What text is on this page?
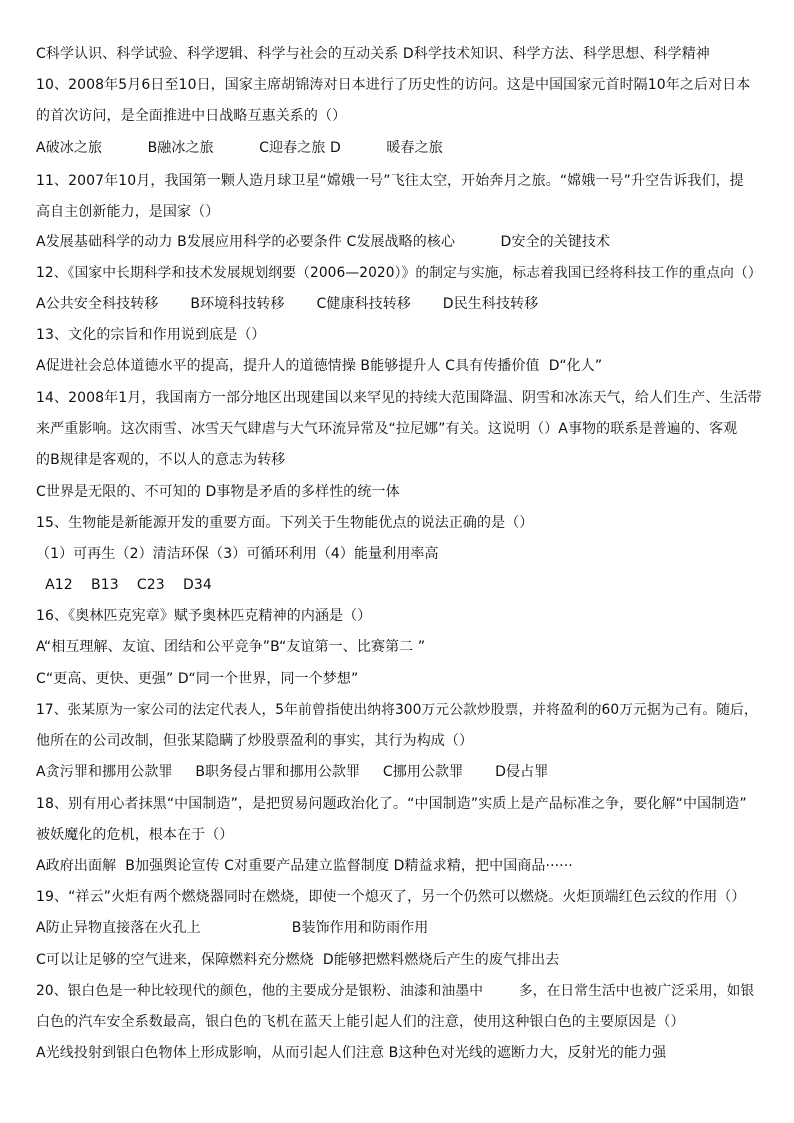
C科学认识、科学试验、科学逻辑、科学与社会的互动关系 D科学技术知识、科学方法、科学思想、科学精神
10、2008年5月6日至10日，国家主席胡锦涛对日本进行了历史性的访问。这是中国国家元首时隔10年之后对日本
的首次访问，是全面推进中日战略互惠关系的（）
A破冰之旅          B融冰之旅          C迎春之旅 D          暖春之旅
11、2007年10月，我国第一颗人造月球卫星“嫦娥一号”飞往太空，开始奔月之旅。“嫦娥一号”升空告诉我们，提
高自主创新能力，是国家（）
A发展基础科学的动力 B发展应用科学的必要条件 C发展战略的核心          D安全的关键技术
12、《国家中长期科学和技术发展规划纲要（2006—2020）》的制定与实施，标志着我国已经将科技工作的重点向（）
A公共安全科技转移       B环境科技转移       C健康科技转移       D民生科技转移
13、文化的宗旨和作用说到底是（）
A促进社会总体道德水平的提高，提升人的道德情操 B能够提升人 C具有传播价值  D“化人”
14、2008年1月，我国南方一部分地区出现建国以来罕见的持续大范围降温、阴雪和冰冻天气，给人们生产、生活带
来严重影响。这次雨雪、冰雪天气肆虐与大气环流异常及“拉尼娜”有关。这说明（）A事物的联系是普遍的、客观
的B规律是客观的，不以人的意志为转移
C世界是无限的、不可知的 D事物是矛盾的多样性的统一体
15、生物能是新能源开发的重要方面。下列关于生物能优点的说法正确的是（）
（1）可再生（2）清洁环保（3）可循环利用（4）能量利用率高
A12    B13    C23    D34
16、《奥林匹克宪章》赋予奥林匹克精神的内涵是（）
A“相互理解、友谊、团结和公平竞争”B“友谊第一、比赛第二 ”
C“更高、更快、更强” D“同一个世界，同一个梦想”
17、张某原为一家公司的法定代表人，5年前曾指使出纳将300万元公款炒股票，并将盈利的60万元据为己有。随后，
他所在的公司改制，但张某隐瞒了炒股票盈利的事实，其行为构成（）
A贪污罪和挪用公款罪     B职务侵占罪和挪用公款罪     C挪用公款罪       D侵占罪
18、别有用心者抹黑“中国制造”，是把贸易问题政治化了。“中国制造”实质上是产品标准之争，要化解“中国制造”
被妖魔化的危机，根本在于（）
A政府出面解  B加强舆论宣传 C对重要产品建立监督制度 D精益求精，把中国商品······
19、“祥云”火炬有两个燃烧器同时在燃烧，即使一个熄灭了，另一个仍然可以燃烧。火炬顶端红色云纹的作用（）
A防止异物直接落在火孔上                    B装饰作用和防雨作用
C可以让足够的空气进来，保障燃料充分燃烧  D能够把燃料燃烧后产生的废气排出去
20、银白色是一种比较现代的颜色，他的主要成分是银粉、油漆和油墨中        多，在日常生活中也被广泛采用，如银
白色的汽车安全系数最高，银白色的飞机在蓝天上能引起人们的注意，使用这种银白色的主要原因是（）
A光线投射到银白色物体上形成影响，从而引起人们注意 B这种色对光线的遮断力大，反射光的能力强
